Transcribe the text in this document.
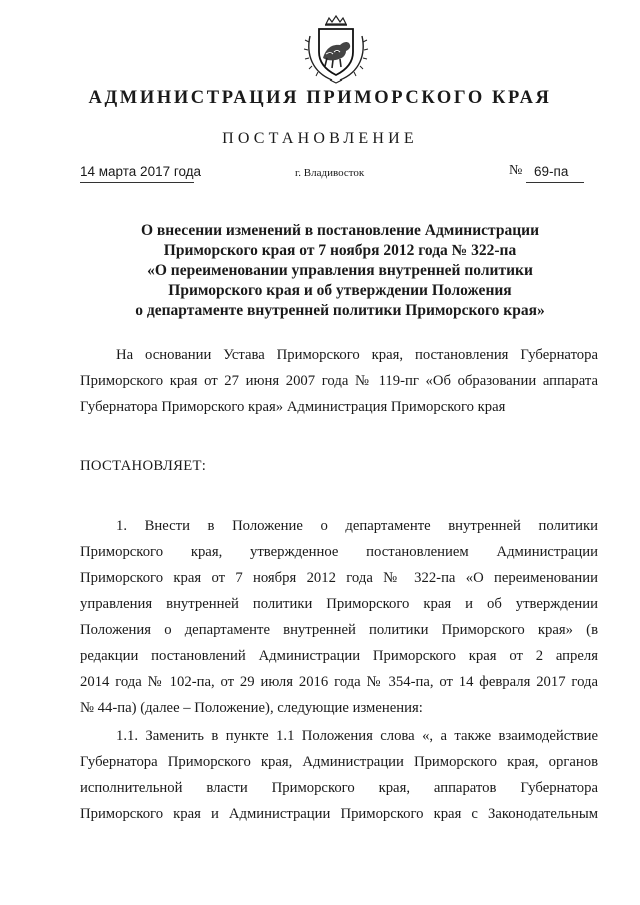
АДМИНИСТРАЦИЯ ПРИМОРСКОГО КРАЯ
ПОСТАНОВЛЕНИЕ
14 марта 2017 года	г. Владивосток	№ 69-па
О внесении изменений в постановление Администрации
Приморского края от 7 ноября 2012 года № 322-па
«О переименовании управления внутренней политики
Приморского края и об утверждении Положения
о департаменте внутренней политики Приморского края»
На основании Устава Приморского края, постановления Губернатора
Приморского края от 27 июня 2007 года № 119-пг «Об образовании аппарата
Губернатора Приморского края» Администрация Приморского края
ПОСТАНОВЛЯЕТ:
1. Внести в Положение о департаменте внутренней политики
Приморского края, утвержденное постановлением Администрации
Приморского края от 7 ноября 2012 года № 322-па «О переименовании
управления внутренней политики Приморского края и об утверждении
Положения о департаменте внутренней политики Приморского края» (в
редакции постановлений Администрации Приморского края от 2 апреля
2014 года № 102-па, от 29 июля 2016 года № 354-па, от 14 февраля 2017 года
№ 44-па) (далее – Положение), следующие изменения:
1.1. Заменить в пункте 1.1 Положения слова «, а также взаимодействие
Губернатора Приморского края, Администрации Приморского края, органов
исполнительной власти Приморского края, аппаратов Губернатора
Приморского края и Администрации Приморского края с Законодательным
